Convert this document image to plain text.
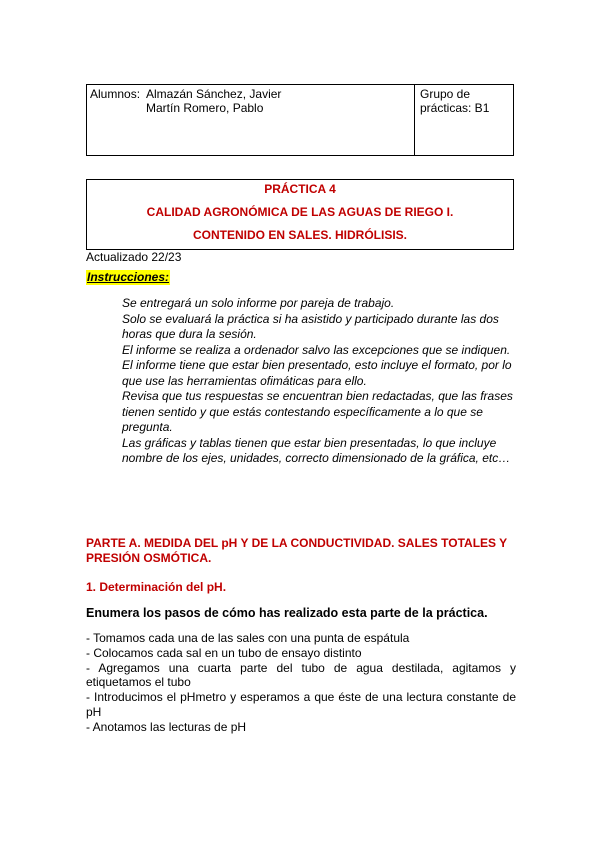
Alumnos: Almazán Sánchez, Javier
Martín Romero, Pablo
Grupo de prácticas: B1
PRÁCTICA 4
CALIDAD AGRONÓMICA DE LAS AGUAS DE RIEGO I.
CONTENIDO EN SALES. HIDRÓLISIS.
Actualizado 22/23
Instrucciones:
Se entregará un solo informe por pareja de trabajo.
Solo se evaluará la práctica si ha asistido y participado durante las dos horas que dura la sesión.
El informe se realiza a ordenador salvo las excepciones que se indiquen.
El informe tiene que estar bien presentado, esto incluye el formato, por lo que use las herramientas ofimáticas para ello.
Revisa que tus respuestas se encuentran bien redactadas, que las frases tienen sentido y que estás contestando específicamente a lo que se pregunta.
Las gráficas y tablas tienen que estar bien presentadas, lo que incluye nombre de los ejes, unidades, correcto dimensionado de la gráfica, etc…
PARTE A. MEDIDA DEL pH Y DE LA CONDUCTIVIDAD. SALES TOTALES Y PRESIÓN OSMÓTICA.
1. Determinación del pH.
Enumera los pasos de cómo has realizado esta parte de la práctica.
- Tomamos cada una de las sales con una punta de espátula
- Colocamos cada sal en un tubo de ensayo distinto
- Agregamos una cuarta parte del tubo de agua destilada, agitamos y etiquetamos el tubo
- Introducimos el pHmetro y esperamos a que éste de una lectura constante de pH
- Anotamos las lecturas de pH
